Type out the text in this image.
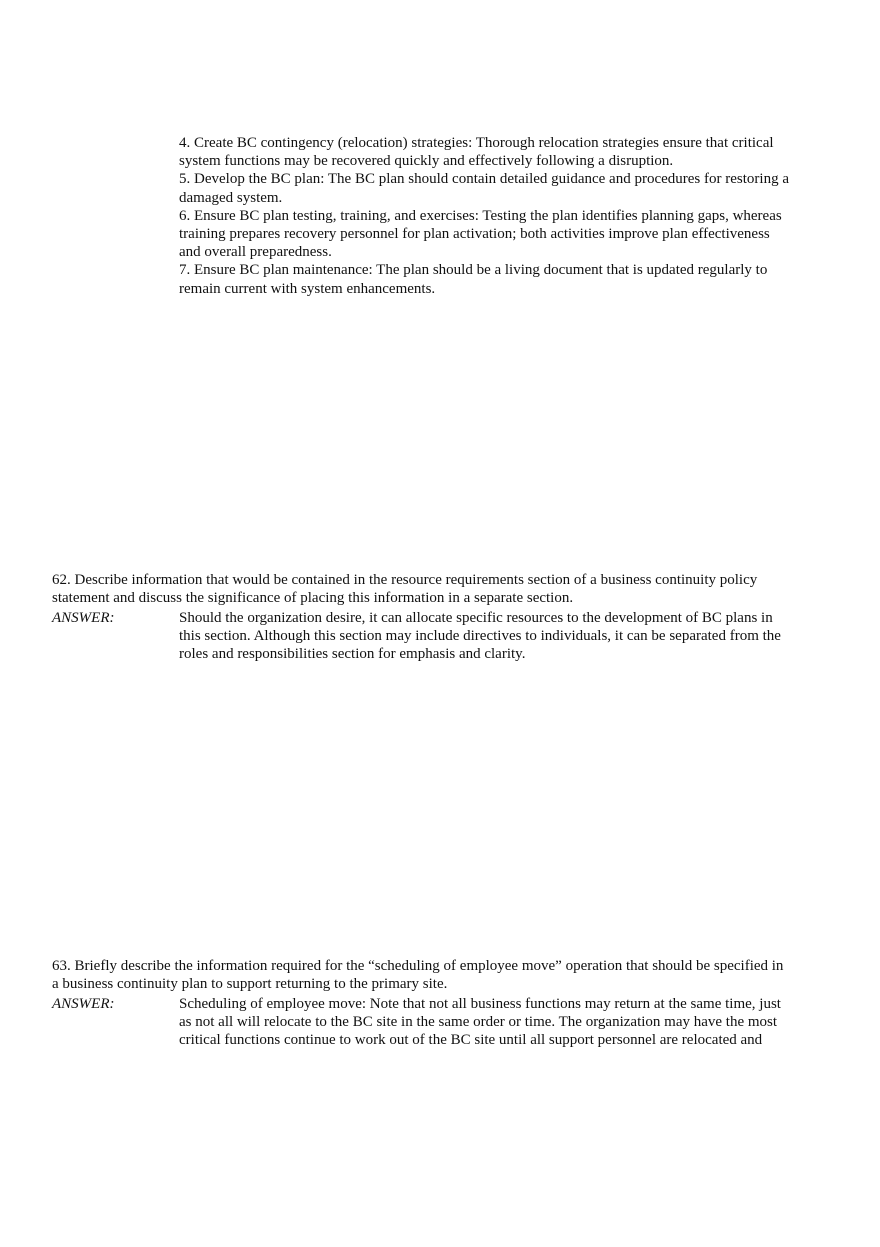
4. Create BC contingency (relocation) strategies: Thorough relocation strategies ensure that critical
system functions may be recovered quickly and effectively following a disruption.
5. Develop the BC plan: The BC plan should contain detailed guidance and procedures for restoring a
damaged system.
6. Ensure BC plan testing, training, and exercises: Testing the plan identifies planning gaps, whereas
training prepares recovery personnel for plan activation; both activities improve plan effectiveness
and overall preparedness.
7. Ensure BC plan maintenance: The plan should be a living document that is updated regularly to
remain current with system enhancements.
62. Describe information that would be contained in the resource requirements section of a business continuity policy
statement and discuss the significance of placing this information in a separate section.
ANSWER:	Should the organization desire, it can allocate specific resources to the development of BC plans in
this section. Although this section may include directives to individuals, it can be separated from the
roles and responsibilities section for emphasis and clarity.
63. Briefly describe the information required for the “scheduling of employee move” operation that should be specified in
a business continuity plan to support returning to the primary site.
ANSWER:	Scheduling of employee move: Note that not all business functions may return at the same time, just
as not all will relocate to the BC site in the same order or time. The organization may have the most
critical functions continue to work out of the BC site until all support personnel are relocated and
